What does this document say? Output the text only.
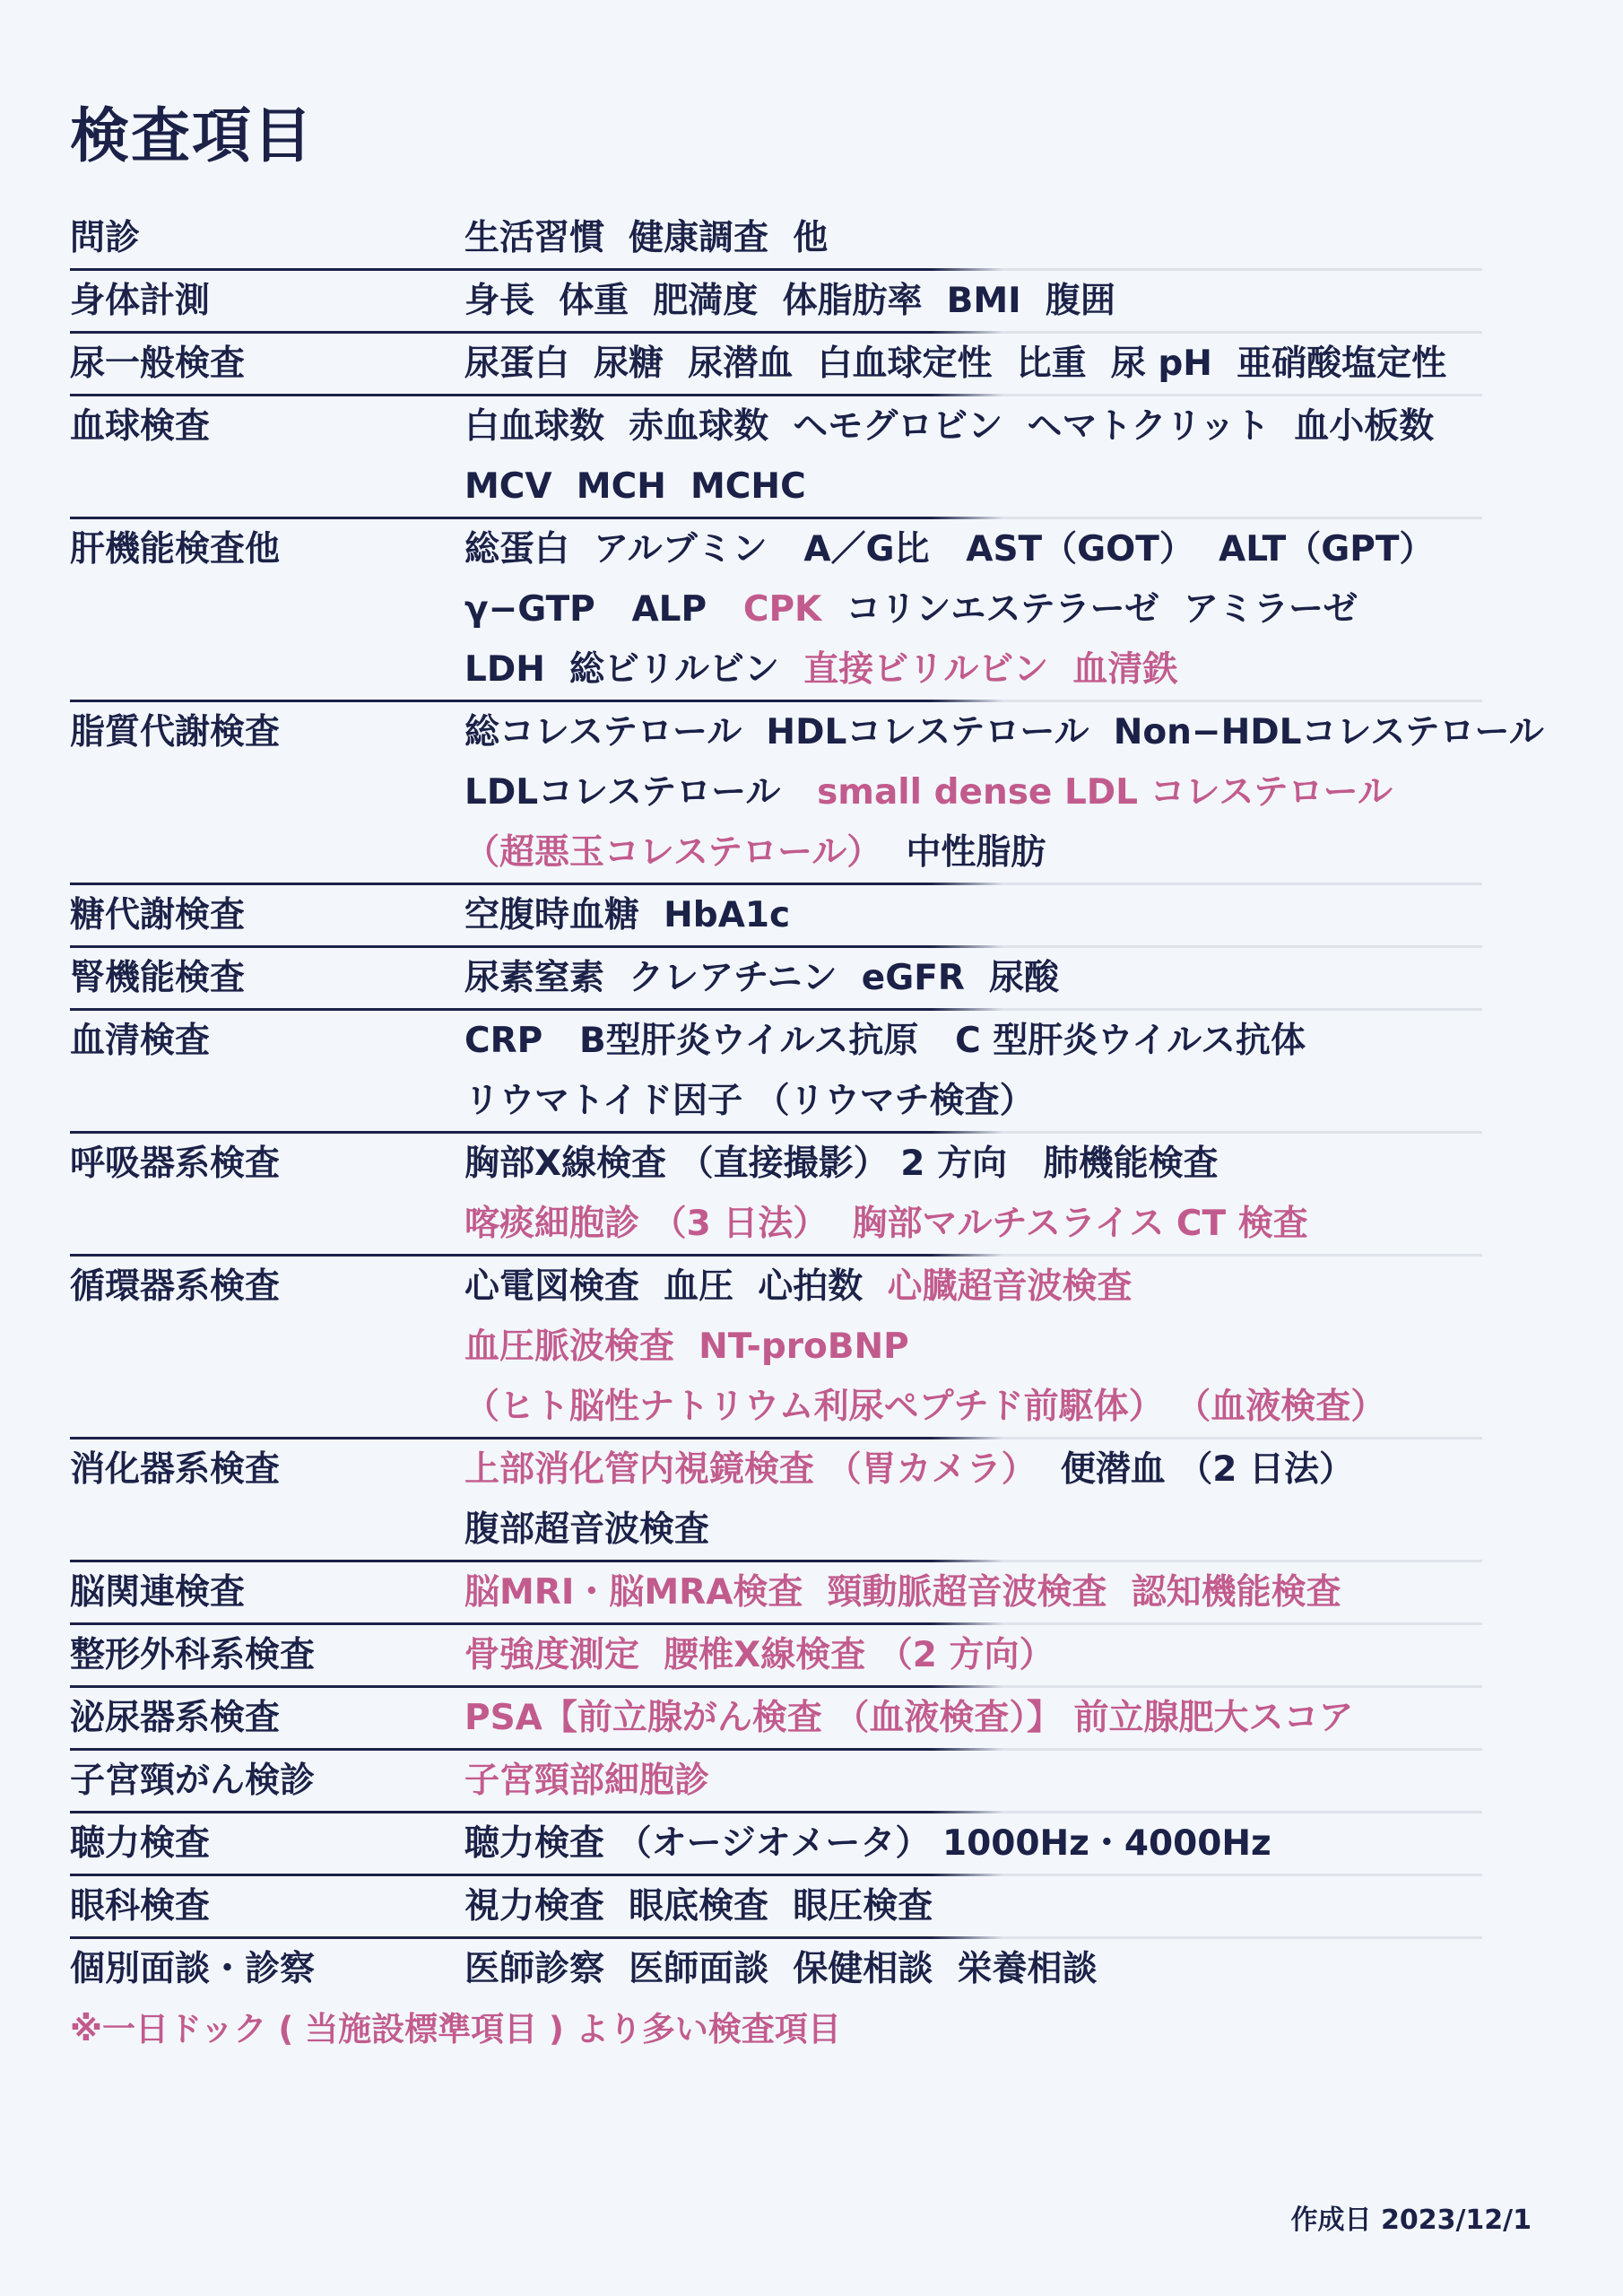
検査項目
問診	生活習慣  健康調査  他
身体計測	身長  体重  肥満度  体脂肪率  BMI  腹囲
尿一般検査	尿蛋白  尿糖  尿潜血  白血球定性  比重  尿 pH  亜硝酸塩定性
血球検査	白血球数  赤血球数  ヘモグロビン  ヘマトクリット  血小板数
MCV  MCH  MCHC
肝機能検査他	総蛋白  アルブミン   A／G比   AST（GOT）  ALT（GPT）
γ−GTP   ALP   CPK  コリンエステラーゼ  アミラーゼ
LDH  総ビリルビン  直接ビリルビン  血清鉄
脂質代謝検査	総コレステロール  HDLコレステロール  Non−HDLコレステロール
LDLコレステロール   small dense LDL コレステロール
（超悪玉コレステロール）  中性脂肪
糖代謝検査	空腹時血糖  HbA1c
腎機能検査	尿素窒素  クレアチニン  eGFR  尿酸
血清検査	CRP   B型肝炎ウイルス抗原   C 型肝炎ウイルス抗体
リウマトイド因子 （リウマチ検査）
呼吸器系検査	胸部X線検査 （直接撮影） 2 方向   肺機能検査
喀痰細胞診 （3 日法）  胸部マルチスライス CT 検査
循環器系検査	心電図検査  血圧  心拍数  心臓超音波検査
血圧脈波検査  NT-proBNP
（ヒト脳性ナトリウム利尿ペプチド前駆体） （血液検査）
消化器系検査	上部消化管内視鏡検査 （胃カメラ）  便潜血 （2 日法）
腹部超音波検査
脳関連検査	脳MRI・脳MRA検査  頸動脈超音波検査  認知機能検査
整形外科系検査	骨強度測定  腰椎X線検査 （2 方向）
泌尿器系検査	PSA【前立腺がん検査 （血液検査）】 前立腺肥大スコア
子宮頸がん検診	子宮頸部細胞診
聴力検査	聴力検査 （オージオメータ） 1000Hz・4000Hz
眼科検査	視力検査  眼底検査  眼圧検査
個別面談・診察	医師診察  医師面談  保健相談  栄養相談

※一日ドック ( 当施設標準項目 ) より多い検査項目

作成日 2023/12/1
